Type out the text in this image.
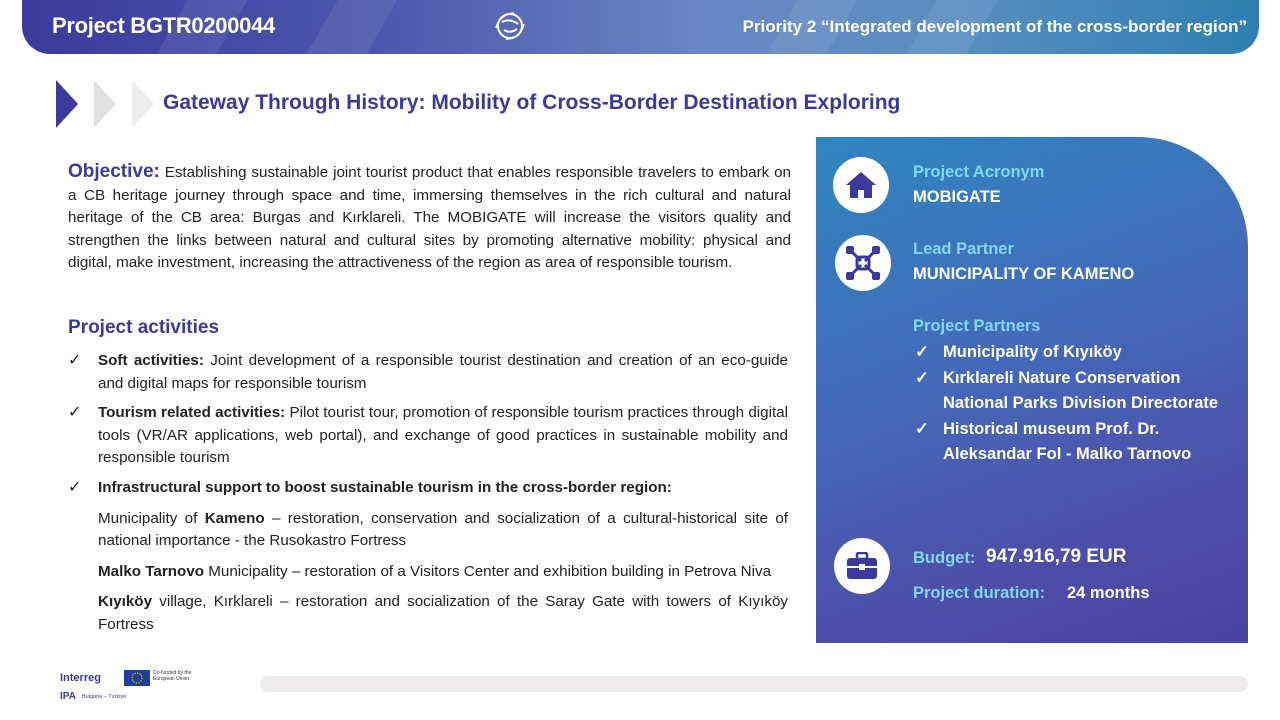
Project BGTR0200044	Priority 2 “Integrated development of the cross-border region”
Gateway Through History: Mobility of Cross-Border Destination Exploring
Objective: Establishing sustainable joint tourist product that enables responsible travelers to embark on a CB heritage journey through space and time, immersing themselves in the rich cultural and natural heritage of the CB area: Burgas and Kırklareli. The MOBIGATE will increase the visitors quality and strengthen the links between natural and cultural sites by promoting alternative mobility: physical and digital, make investment, increasing the attractiveness of the region as area of responsible tourism.
Project activities
✓ Soft activities: Joint development of a responsible tourist destination and creation of an eco-guide and digital maps for responsible tourism
✓ Tourism related activities: Pilot tourist tour, promotion of responsible tourism practices through digital tools (VR/AR applications, web portal), and exchange of good practices in sustainable mobility and responsible tourism
✓ Infrastructural support to boost sustainable tourism in the cross-border region:
Municipality of Kameno – restoration, conservation and socialization of a cultural-historical site of national importance - the Rusokastro Fortress
Malko Tarnovo Municipality – restoration of a Visitors Center and exhibition building in Petrova Niva
Kıyıköy village, Kırklareli – restoration and socialization of the Saray Gate with towers of Kıyıköy Fortress
Project Acronym
MOBIGATE
Lead Partner
MUNICIPALITY OF KAMENO
Project Partners
✓ Municipality of Kıyıköy
✓ Kırklareli Nature Conservation National Parks Division Directorate
✓ Historical museum Prof. Dr. Aleksandar Fol - Malko Tarnovo
Budget: 947.916,79 EUR
Project duration: 24 months
Interreg	Co-funded by the European Union
IPA Bulgaria – Türkiye
